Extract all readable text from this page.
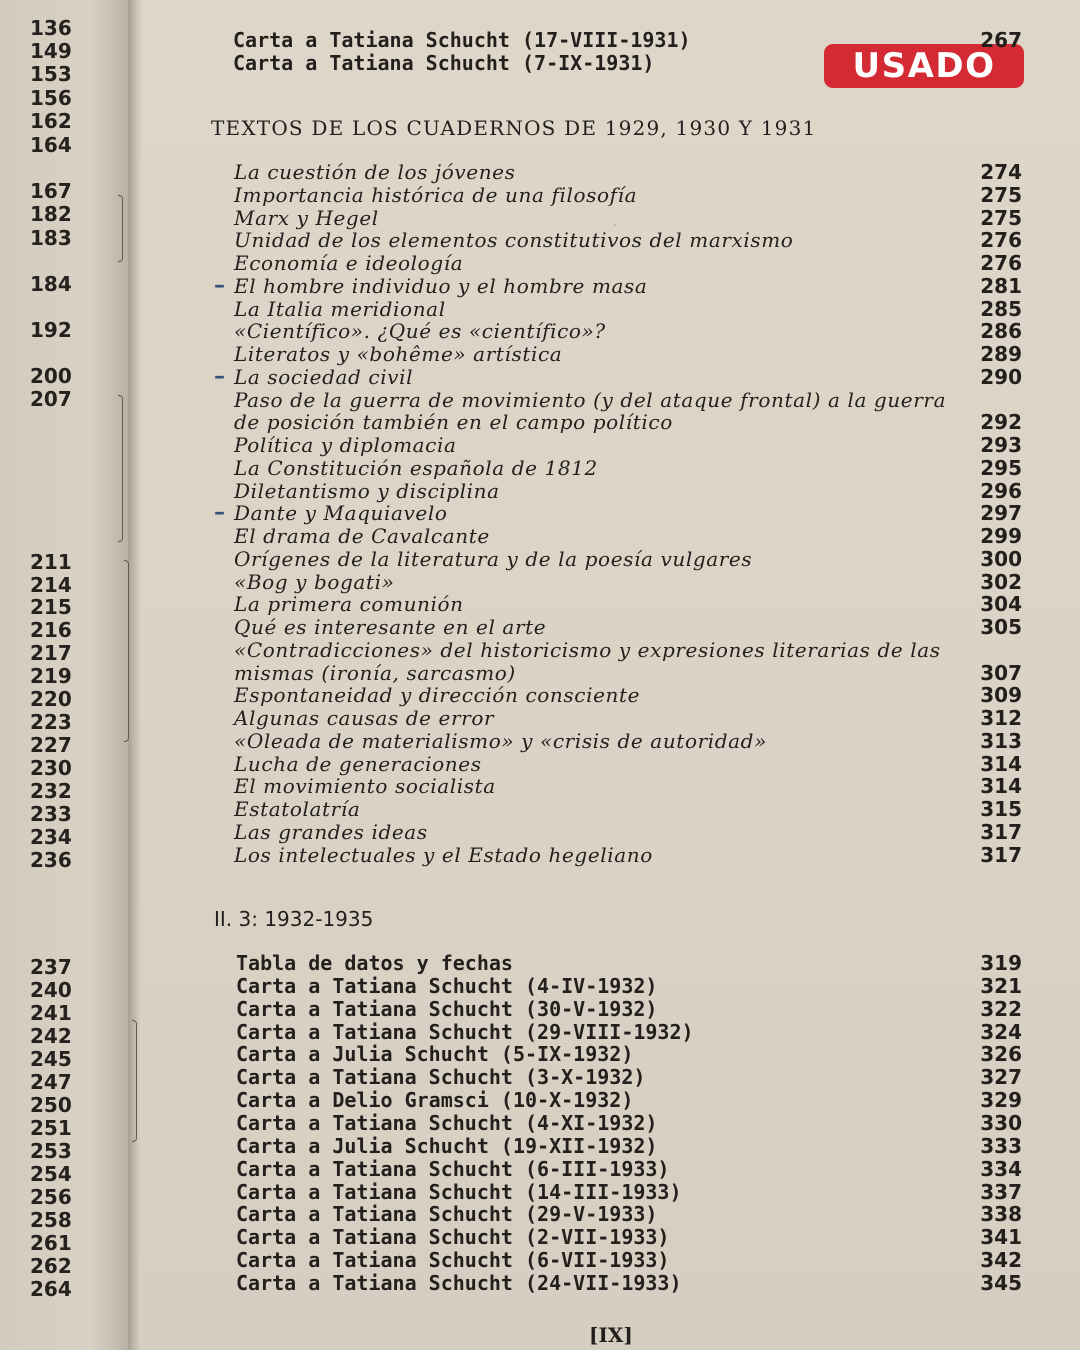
.
USADO
TEXTOS DE LOS CUADERNOS DE 1929, 1930 Y 1931
II. 3: 1932-1935
136
149
153
156
162
164
167
182
183
184
192
200
207
211
214
215
216
217
219
220
223
227
230
232
233
234
236
237
240
241
242
245
247
250
251
253
254
256
258
261
262
264
Carta a Tatiana Schucht (17-VIII-1931)	267
Carta a Tatiana Schucht (7-IX-1931)
La cuestión de los jóvenes	274
Importancia histórica de una filosofía	275
Marx y Hegel	275
Unidad de los elementos constitutivos del marxismo	276
Economía e ideología	276
El hombre individuo y el hombre masa	281
–
La Italia meridional	285
«Científico». ¿Qué es «científico»?	286
Literatos y «bohême» artística	289
La sociedad civil	290
–
Paso de la guerra de movimiento (y del ataque frontal) a la guerra
de posición también en el campo político	292
Política y diplomacia	293
La Constitución española de 1812	295
Diletantismo y disciplina	296
Dante y Maquiavelo	297
–
El drama de Cavalcante	299
Orígenes de la literatura y de la poesía vulgares	300
«Bog y bogati»	302
La primera comunión	304
Qué es interesante en el arte	305
«Contradicciones» del historicismo y expresiones literarias de las
mismas (ironía, sarcasmo)	307
Espontaneidad y dirección consciente	309
Algunas causas de error	312
«Oleada de materialismo» y «crisis de autoridad»	313
Lucha de generaciones	314
El movimiento socialista	314
Estatolatría	315
Las grandes ideas	317
Los intelectuales y el Estado hegeliano	317
Tabla de datos y fechas	319
Carta a Tatiana Schucht (4-IV-1932)	321
Carta a Tatiana Schucht (30-V-1932)	322
Carta a Tatiana Schucht (29-VIII-1932)	324
Carta a Julia Schucht (5-IX-1932)	326
Carta a Tatiana Schucht (3-X-1932)	327
Carta a Delio Gramsci (10-X-1932)	329
Carta a Tatiana Schucht (4-XI-1932)	330
Carta a Julia Schucht (19-XII-1932)	333
Carta a Tatiana Schucht (6-III-1933)	334
Carta a Tatiana Schucht (14-III-1933)	337
Carta a Tatiana Schucht (29-V-1933)	338
Carta a Tatiana Schucht (2-VII-1933)	341
Carta a Tatiana Schucht (6-VII-1933)	342
Carta a Tatiana Schucht (24-VII-1933)	345
[IX]
